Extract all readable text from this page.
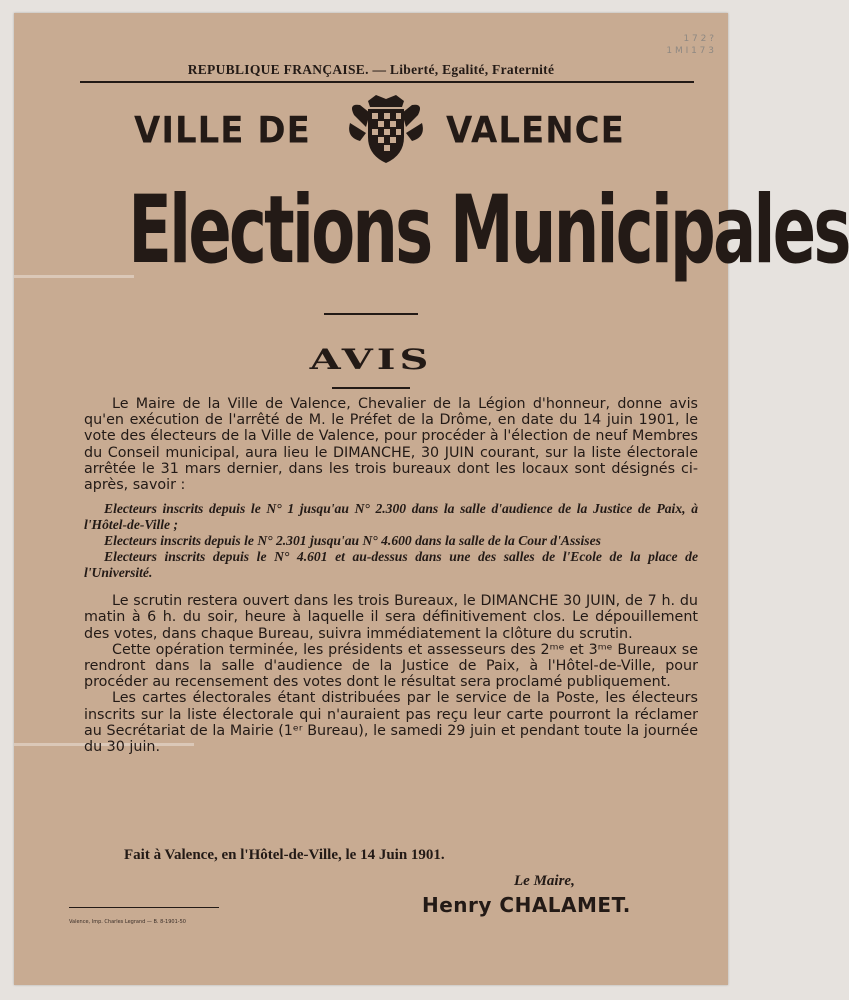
1 7 2 ?
1 M I 1 7 3
REPUBLIQUE FRANÇAISE. — Liberté, Egalité, Fraternité
VILLE DE	VALENCE
Elections Municipales
AVIS

Le Maire de la Ville de Valence, Chevalier de la Légion d'honneur, donne avis qu'en exécution de l'arrêté de M. le Préfet de la Drôme, en date du 14 juin 1901, le vote des électeurs de la Ville de Valence, pour procéder à l'élection de neuf Membres du Conseil municipal, aura lieu le DIMANCHE, 30 JUIN courant, sur la liste électorale arrêtée le 31 mars dernier, dans les trois bureaux dont les locaux sont désignés ci-après, savoir :

Electeurs inscrits depuis le N° 1 jusqu'au N° 2.300 dans la salle d'audience de la Justice de Paix, à l'Hôtel-de-Ville ;

Electeurs inscrits depuis le N° 2.301 jusqu'au N° 4.600 dans la salle de la Cour d'Assises

Electeurs inscrits depuis le N° 4.601 et au-dessus dans une des salles de l'Ecole de la place de l'Université.

Le scrutin restera ouvert dans les trois Bureaux, le DIMANCHE 30 JUIN, de 7 h. du matin à 6 h. du soir, heure à laquelle il sera définitivement clos. Le dépouillement des votes, dans chaque Bureau, suivra immédiatement la clôture du scrutin.

Cette opération terminée, les présidents et assesseurs des 2ᵐᵉ et 3ᵐᵉ Bureaux se rendront dans la salle d'audience de la Justice de Paix, à l'Hôtel-de-Ville, pour procéder au recensement des votes dont le résultat sera proclamé publiquement.

Les cartes électorales étant distribuées par le service de la Poste, les électeurs inscrits sur la liste électorale qui n'auraient pas reçu leur carte pourront la réclamer au Secrétariat de la Mairie (1ᵉʳ Bureau), le samedi 29 juin et pendant toute la journée du 30 juin.

Fait à Valence, en l'Hôtel-de-Ville, le 14 Juin 1901.
Le Maire,
Henry CHALAMET.
Valence, Imp. Charles Legrand — B. 8-1901-50
